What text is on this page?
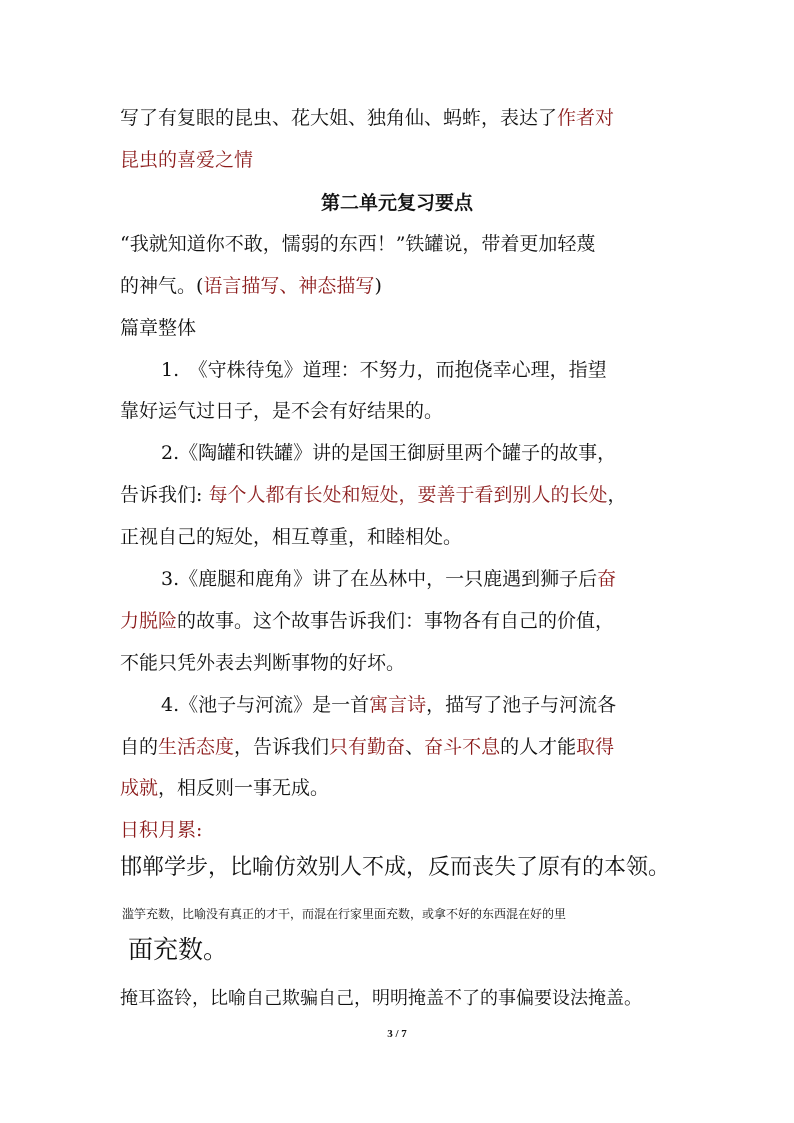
写了有复眼的昆虫、花大姐、独角仙、蚂蚱，表达了作者对
昆虫的喜爱之情
第二单元复习要点
“我就知道你不敢，懦弱的东西！”铁罐说，带着更加轻蔑
的神气。(语言描写、神态描写)
篇章整体
1.　《守株待兔》道理：不努力，而抱侥幸心理，指望
靠好运气过日子，是不会有好结果的。
2.《陶罐和铁罐》讲的是国王御厨里两个罐子的故事，
告诉我们: 每个人都有长处和短处，要善于看到别人的长处，
正视自己的短处，相互尊重，和睦相处。
3.《鹿腿和鹿角》讲了在丛林中，一只鹿遇到狮子后奋
力脱险的故事。这个故事告诉我们：事物各有自己的价值，
不能只凭外表去判断事物的好坏。
4.《池子与河流》是一首寓言诗，描写了池子与河流各
自的生活态度，告诉我们只有勤奋、奋斗不息的人才能取得
成就，相反则一事无成。
日积月累:
邯郸学步，比喻仿效别人不成，反而丧失了原有的本领。
滥竽充数，比喻没有真正的才干，而混在行家里面充数，或拿不好的东西混在好的里
面充数。
掩耳盗铃，比喻自己欺骗自己，明明掩盖不了的事偏要设法掩盖。
3 / 7
